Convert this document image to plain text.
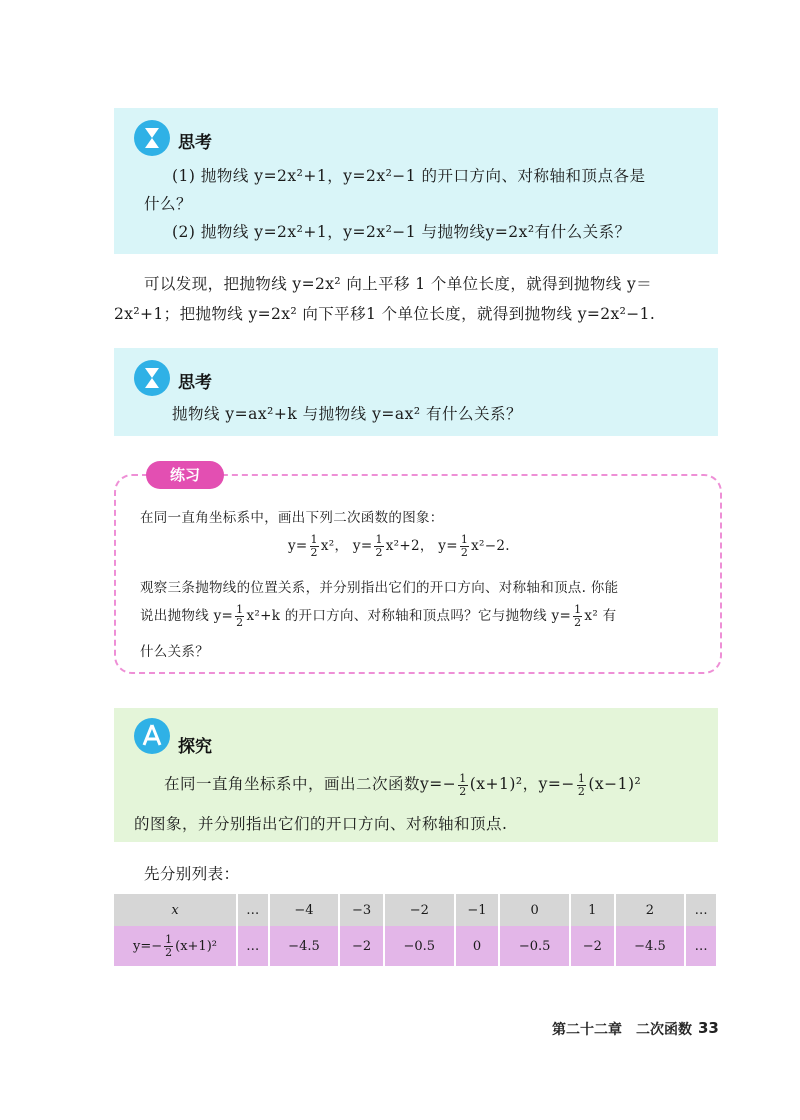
思考
(1) 抛物线 y=2x²+1，y=2x²−1 的开口方向、对称轴和顶点各是
什么？
(2) 抛物线 y=2x²+1，y=2x²−1 与抛物线y=2x²有什么关系？
可以发现，把抛物线 y=2x² 向上平移 1 个单位长度，就得到抛物线 y＝
2x²+1；把抛物线 y=2x² 向下平移1 个单位长度，就得到抛物线 y=2x²−1.
思考
抛物线 y=ax²+k 与抛物线 y=ax² 有什么关系？
练习
在同一直角坐标系中，画出下列二次函数的图象：
$y= \frac{1}{2} x^2$， $y= \frac{1}{2} x^2+2$， $y= \frac{1}{2} x^2-2$.
观察三条抛物线的位置关系，并分别指出它们的开口方向、对称轴和顶点. 你能
说出抛物线 $y= \frac{1}{2} x^2+k$ 的开口方向、对称轴和顶点吗？它与抛物线 $y= \frac{1}{2} x^2$ 有
什么关系？
探究
在同一直角坐标系中，画出二次函数$y=- \frac{1}{2} (x+1)^2$，$y=- \frac{1}{2} (x-1)^2$
的图象，并分别指出它们的开口方向、对称轴和顶点.
先分别列表：
x	…	−4	−3	−2	−1	0	1	2	…
$y=- \frac{1}{2} (x+1)^2$	…	−4.5	−2	−0.5	0	−0.5	−2	−4.5	…
第二十二章　二次函数 33
